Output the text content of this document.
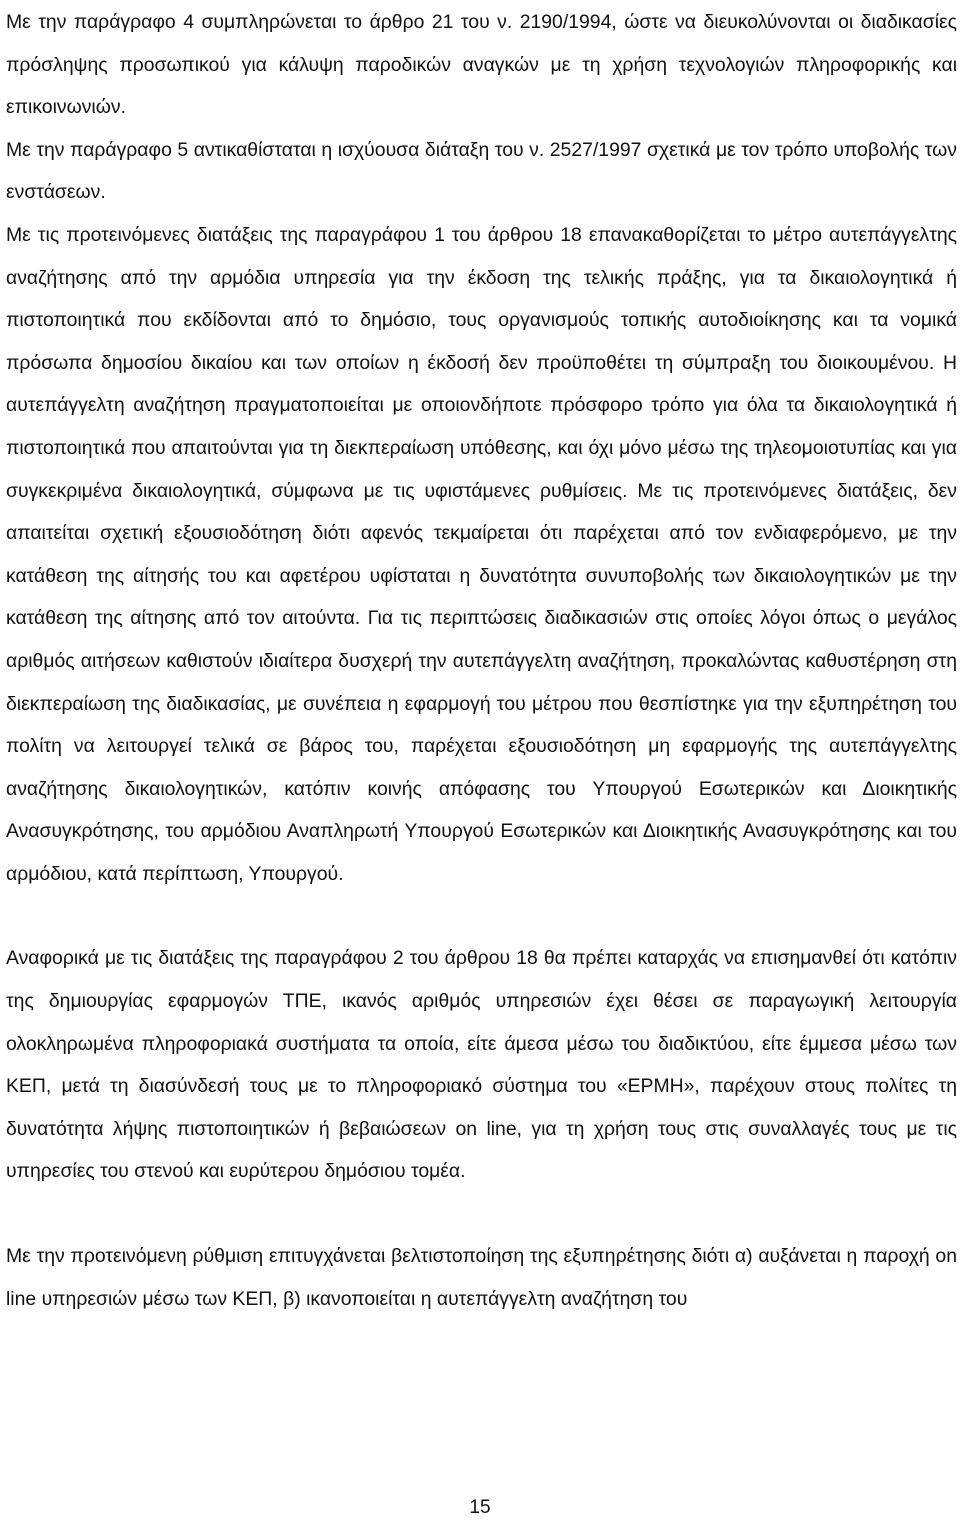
Με την παράγραφο 4 συμπληρώνεται το άρθρο 21 του ν. 2190/1994, ώστε να διευκολύνονται οι διαδικασίες πρόσληψης προσωπικού για κάλυψη παροδικών αναγκών με τη χρήση τεχνολογιών πληροφορικής και επικοινωνιών.

Με την παράγραφο 5 αντικαθίσταται η ισχύουσα διάταξη του ν. 2527/1997 σχετικά με τον τρόπο υποβολής των ενστάσεων.

Με τις προτεινόμενες διατάξεις της παραγράφου 1 του άρθρου 18 επανακαθορίζεται το μέτρο αυτεπάγγελτης αναζήτησης από την αρμόδια υπηρεσία για την έκδοση της τελικής πράξης, για τα δικαιολογητικά ή πιστοποιητικά που εκδίδονται από το δημόσιο, τους οργανισμούς τοπικής αυτοδιοίκησης και τα νομικά πρόσωπα δημοσίου δικαίου και των οποίων η έκδοσή δεν προϋποθέτει τη σύμπραξη του διοικουμένου. Η αυτεπάγγελτη αναζήτηση πραγματοποιείται με οποιονδήποτε πρόσφορο τρόπο για όλα τα δικαιολογητικά ή πιστοποιητικά που απαιτούνται για τη διεκπεραίωση υπόθεσης, και όχι μόνο μέσω της τηλεομοιοτυπίας και για συγκεκριμένα δικαιολογητικά, σύμφωνα με τις υφιστάμενες ρυθμίσεις. Με τις προτεινόμενες διατάξεις, δεν απαιτείται σχετική εξουσιοδότηση διότι αφενός τεκμαίρεται ότι παρέχεται από τον ενδιαφερόμενο, με την κατάθεση της αίτησής του και αφετέρου υφίσταται η δυνατότητα συνυποβολής των δικαιολογητικών με την κατάθεση της αίτησης από τον αιτούντα. Για τις περιπτώσεις διαδικασιών στις οποίες λόγοι όπως ο μεγάλος αριθμός αιτήσεων καθιστούν ιδιαίτερα δυσχερή την αυτεπάγγελτη αναζήτηση, προκαλώντας καθυστέρηση στη διεκπεραίωση της διαδικασίας, με συνέπεια η εφαρμογή του μέτρου που θεσπίστηκε για την εξυπηρέτηση του πολίτη να λειτουργεί τελικά σε βάρος του, παρέχεται εξουσιοδότηση μη εφαρμογής της αυτεπάγγελτης αναζήτησης δικαιολογητικών, κατόπιν κοινής απόφασης του Υπουργού Εσωτερικών και Διοικητικής Ανασυγκρότησης, του αρμόδιου Αναπληρωτή Υπουργού Εσωτερικών και Διοικητικής Ανασυγκρότησης και του αρμόδιου, κατά περίπτωση, Υπουργού.

Αναφορικά με τις διατάξεις της παραγράφου 2 του άρθρου 18 θα πρέπει καταρχάς να επισημανθεί ότι κατόπιν της δημιουργίας εφαρμογών ΤΠΕ, ικανός αριθμός υπηρεσιών έχει θέσει σε παραγωγική λειτουργία ολοκληρωμένα πληροφοριακά συστήματα τα οποία, είτε άμεσα μέσω του διαδικτύου, είτε έμμεσα μέσω των ΚΕΠ, μετά τη διασύνδεσή τους με το πληροφοριακό σύστημα του «ΕΡΜΗ», παρέχουν στους πολίτες τη δυνατότητα λήψης πιστοποιητικών ή βεβαιώσεων on line, για τη χρήση τους στις συναλλαγές τους με τις υπηρεσίες του στενού και ευρύτερου δημόσιου τομέα.

Με την προτεινόμενη ρύθμιση επιτυγχάνεται βελτιστοποίηση της εξυπηρέτησης διότι α) αυξάνεται η παροχή on line υπηρεσιών μέσω των ΚΕΠ, β) ικανοποιείται η αυτεπάγγελτη αναζήτηση του

15
